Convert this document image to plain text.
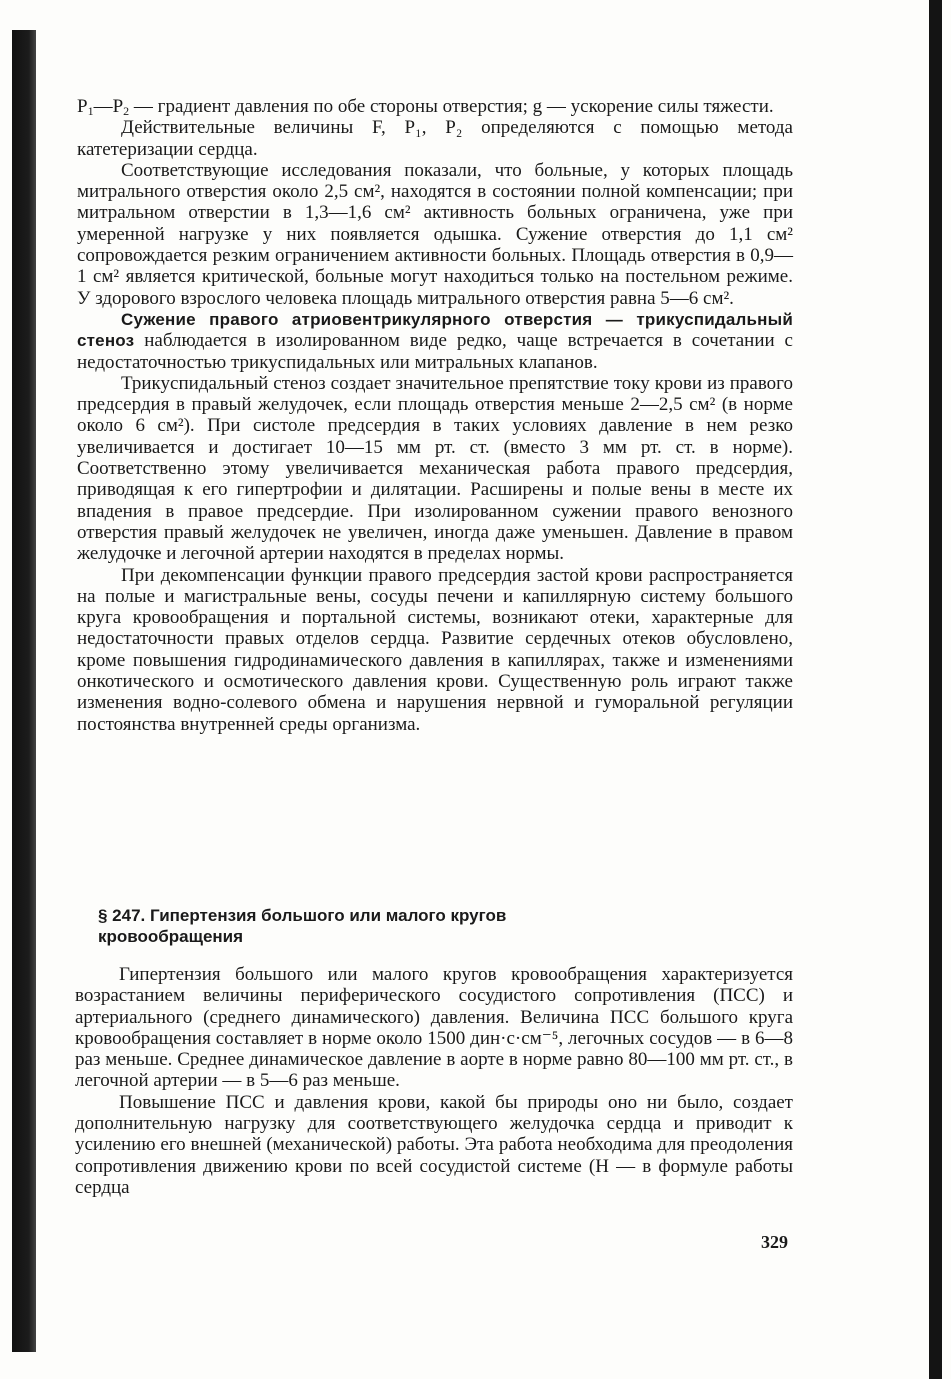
$P_1—P_2$ — градиент давления по обе стороны отверстия; g — ускорение силы тяжести.

Действительные величины F, P₁, P₂ определяются с помощью метода катетеризации сердца.

Соответствующие исследования показали, что больные, у которых площадь митрального отверстия около 2,5 см², находятся в состоянии полной компенсации; при митральном отверстии в 1,3—1,6 см² активность больных ограничена, уже при умеренной нагрузке у них появляется одышка. Сужение отверстия до 1,1 см² сопровождается резким ограничением активности больных. Площадь отверстия в 0,9—1 см² является критической, больные могут находиться только на постельном режиме. У здорового взрослого человека площадь митрального отверстия равна 5—6 см².

Сужение правого атриовентрикулярного отверстия — трикуспидальный стеноз наблюдается в изолированном виде редко, чаще встречается в сочетании с недостаточностью трикуспидальных или митральных клапанов.

Трикуспидальный стеноз создает значительное препятствие току крови из правого предсердия в правый желудочек, если площадь отверстия меньше 2—2,5 см² (в норме около 6 см²). При систоле предсердия в таких условиях давление в нем резко увеличивается и достигает 10—15 мм рт. ст. (вместо 3 мм рт. ст. в норме). Соответственно этому увеличивается механическая работа правого предсердия, приводящая к его гипертрофии и дилятации. Расширены и полые вены в месте их впадения в правое предсердие. При изолированном сужении правого венозного отверстия правый желудочек не увеличен, иногда даже уменьшен. Давление в правом желудочке и легочной артерии находятся в пределах нормы.

При декомпенсации функции правого предсердия застой крови распространяется на полые и магистральные вены, сосуды печени и капиллярную систему большого круга кровообращения и портальной системы, возникают отеки, характерные для недостаточности правых отделов сердца. Развитие сердечных отеков обусловлено, кроме повышения гидродинамического давления в капиллярах, также и изменениями онкотического и осмотического давления крови. Существенную роль играют также изменения водно-солевого обмена и нарушения нервной и гуморальной регуляции постоянства внутренней среды организма.

§ 247. Гипертензия большого или малого кругов
кровообращения

Гипертензия большого или малого кругов кровообращения характеризуется возрастанием величины периферического сосудистого сопротивления (ПСС) и артериального (среднего динамического) давления. Величина ПСС большого круга кровообращения составляет в норме около 1500 дин·с·см⁻⁵, легочных сосудов — в 6—8 раз меньше. Среднее динамическое давление в аорте в норме равно 80—100 мм рт. ст., в легочной артерии — в 5—6 раз меньше.

Повышение ПСС и давления крови, какой бы природы оно ни было, создает дополнительную нагрузку для соответствующего желудочка сердца и приводит к усилению его внешней (механической) работы. Эта работа необходима для преодоления сопротивления движению крови по всей сосудистой системе (H — в формуле работы сердца

329
